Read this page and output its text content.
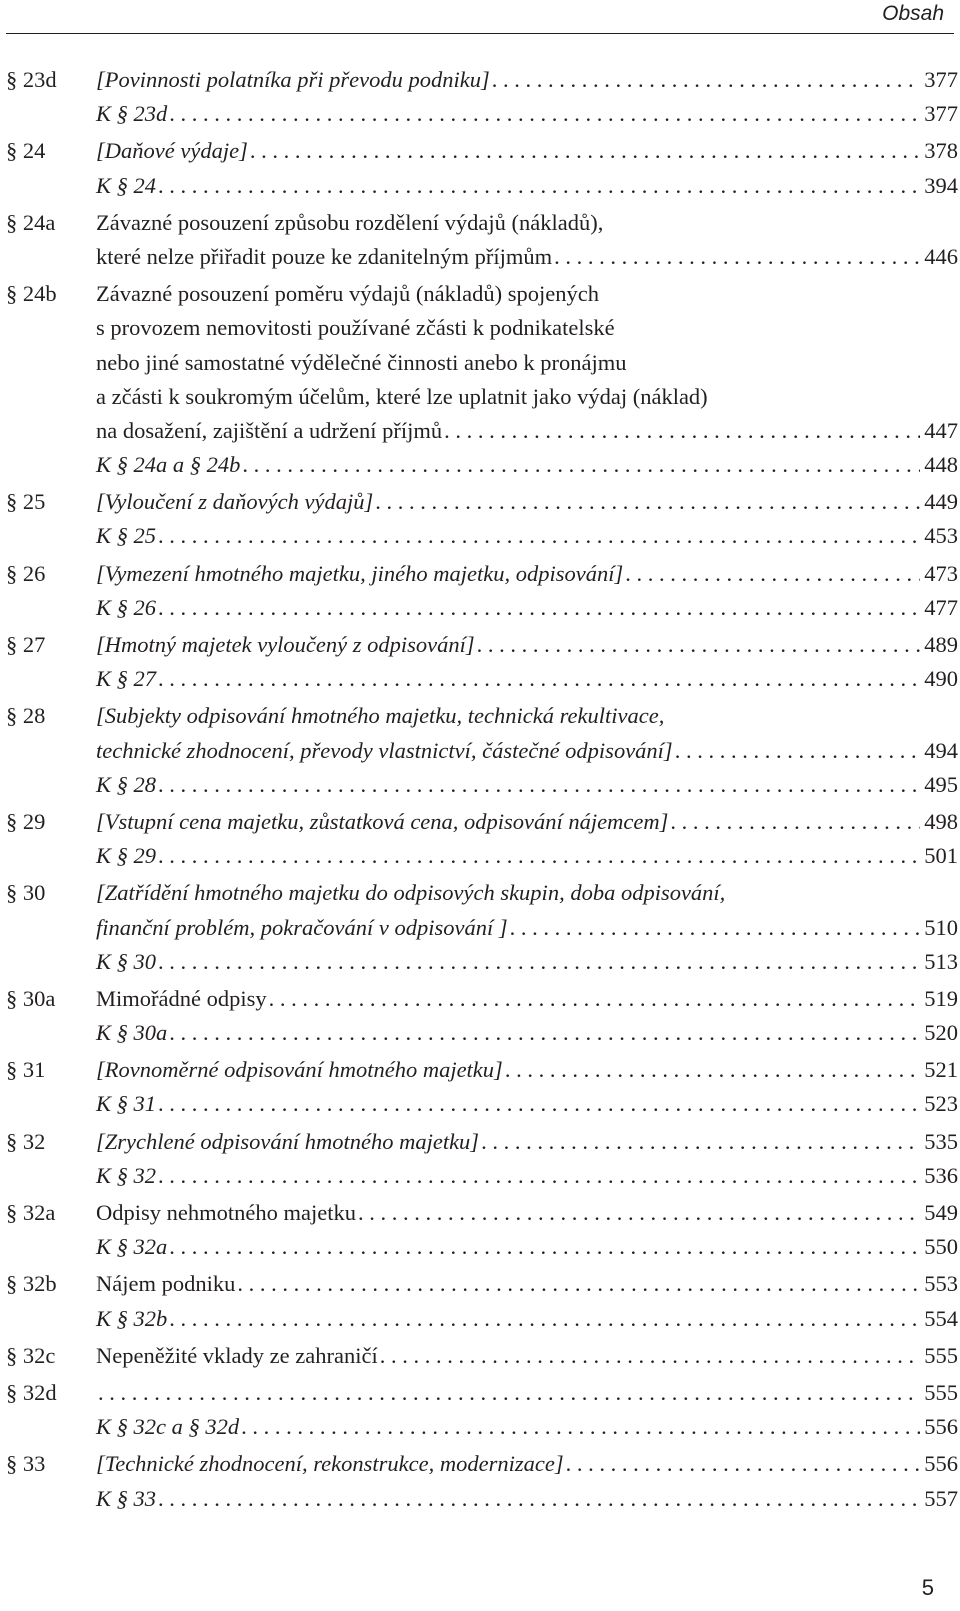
Obsah
§ 23d	[Povinnosti polatníka při převodu podniku] . . .	377
K § 23d . . .	377
§ 24	[Daňové výdaje] . . .	378
K § 24 . . .	394
§ 24a	Závazné posouzení způsobu rozdělení výdajů (nákladů),
které nelze přiřadit pouze ke zdanitelným příjmům . . .	446
§ 24b	Závazné posouzení poměru výdajů (nákladů) spojených
s provozem nemovitosti používané zčásti k podnikatelské
nebo jiné samostatné výdělečné činnosti anebo k pronájmu
a zčásti k soukromým účelům, které lze uplatnit jako výdaj (náklad)
na dosažení, zajištění a udržení příjmů . . .	447
K § 24a a § 24b . . .	448
§ 25	[Vyloučení z daňových výdajů] . . .	449
K § 25 . . .	453
§ 26	[Vymezení hmotného majetku, jiného majetku, odpisování] . . .	473
K § 26 . . .	477
§ 27	[Hmotný majetek vyloučený z odpisování] . . .	489
K § 27 . . .	490
§ 28	[Subjekty odpisování hmotného majetku, technická rekultivace,
technické zhodnocení, převody vlastnictví, částečné odpisování] . . .	494
K § 28 . . .	495
§ 29	[Vstupní cena majetku, zůstatková cena, odpisování nájemcem] . . .	498
K § 29 . . .	501
§ 30	[Zatřídění hmotného majetku do odpisových skupin, doba odpisování,
finanční problém, pokračování v odpisování ] . . .	510
K § 30 . . .	513
§ 30a	Mimořádné odpisy . . .	519
K § 30a . . .	520
§ 31	[Rovnoměrné odpisování hmotného majetku] . . .	521
K § 31 . . .	523
§ 32	[Zrychlené odpisování hmotného majetku] . . .	535
K § 32 . . .	536
§ 32a	Odpisy nehmotného majetku . . .	549
K § 32a . . .	550
§ 32b	Nájem podniku . . .	553
K § 32b . . .	554
§ 32c	Nepeněžité vklady ze zahraničí . . .	555
§ 32d . . .	555
K § 32c a § 32d . . .	556
§ 33	[Technické zhodnocení, rekonstrukce, modernizace] . . .	556
K § 33 . . .	557
5
